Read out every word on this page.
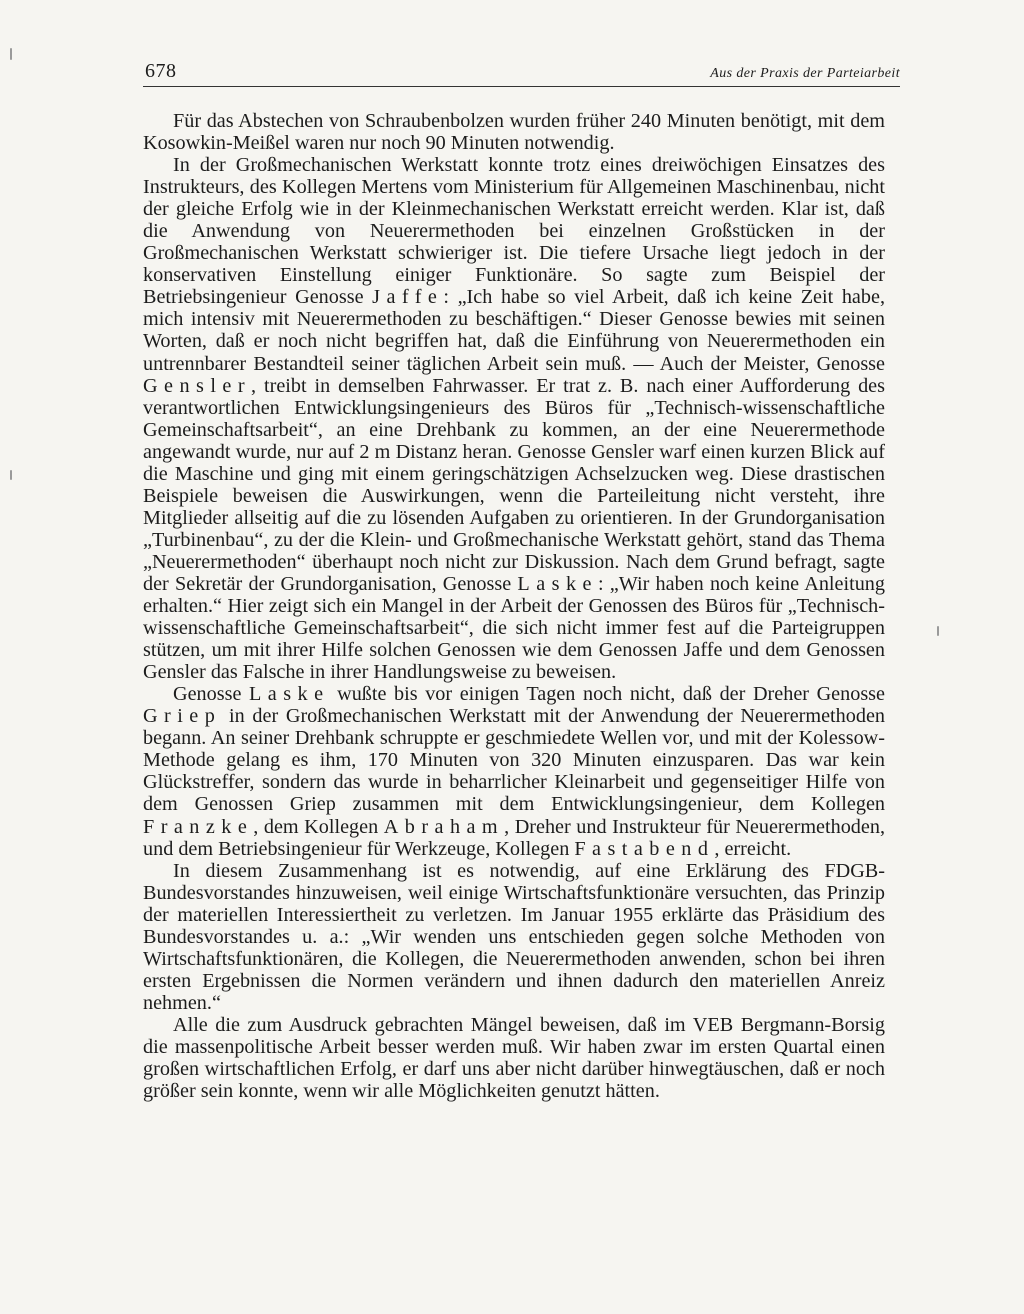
678	Aus der Praxis der Parteiarbeit

Für das Abstechen von Schraubenbolzen wurden früher 240 Minuten benötigt, mit dem Kosowkin-Meißel waren nur noch 90 Minuten notwendig.

In der Großmechanischen Werkstatt konnte trotz eines dreiwöchigen Einsatzes des Instrukteurs, des Kollegen Mertens vom Ministerium für Allgemeinen Maschinenbau, nicht der gleiche Erfolg wie in der Kleinmechanischen Werkstatt erreicht werden. Klar ist, daß die Anwendung von Neuerermethoden bei einzelnen Großstücken in der Großmechanischen Werkstatt schwieriger ist. Die tiefere Ursache liegt jedoch in der konservativen Einstellung einiger Funktionäre. So sagte zum Beispiel der Betriebsingenieur Genosse Jaffe: „Ich habe so viel Arbeit, daß ich keine Zeit habe, mich intensiv mit Neuerermethoden zu beschäftigen.“ Dieser Genosse bewies mit seinen Worten, daß er noch nicht begriffen hat, daß die Einführung von Neuerermethoden ein untrennbarer Bestandteil seiner täglichen Arbeit sein muß. — Auch der Meister, Genosse Gensler, treibt in demselben Fahrwasser. Er trat z. B. nach einer Aufforderung des verantwortlichen Entwicklungsingenieurs des Büros für „Technisch-wissenschaftliche Gemeinschaftsarbeit“, an eine Drehbank zu kommen, an der eine Neuerermethode angewandt wurde, nur auf 2 m Distanz heran. Genosse Gensler warf einen kurzen Blick auf die Maschine und ging mit einem geringschätzigen Achselzucken weg. Diese drastischen Beispiele beweisen die Auswirkungen, wenn die Parteileitung nicht versteht, ihre Mitglieder allseitig auf die zu lösenden Aufgaben zu orientieren. In der Grundorganisation „Turbinenbau“, zu der die Klein- und Großmechanische Werkstatt gehört, stand das Thema „Neuerermethoden“ überhaupt noch nicht zur Diskussion. Nach dem Grund befragt, sagte der Sekretär der Grundorganisation, Genosse Laske: „Wir haben noch keine Anleitung erhalten.“ Hier zeigt sich ein Mangel in der Arbeit der Genossen des Büros für „Technisch-wissenschaftliche Gemeinschaftsarbeit“, die sich nicht immer fest auf die Parteigruppen stützen, um mit ihrer Hilfe solchen Genossen wie dem Genossen Jaffe und dem Genossen Gensler das Falsche in ihrer Handlungsweise zu beweisen.

Genosse Laske wußte bis vor einigen Tagen noch nicht, daß der Dreher Genosse Griep in der Großmechanischen Werkstatt mit der Anwendung der Neuerermethoden begann. An seiner Drehbank schruppte er geschmiedete Wellen vor, und mit der Kolessow-Methode gelang es ihm, 170 Minuten von 320 Minuten einzusparen. Das war kein Glückstreffer, sondern das wurde in beharrlicher Kleinarbeit und gegenseitiger Hilfe von dem Genossen Griep zusammen mit dem Entwicklungsingenieur, dem Kollegen Franzke, dem Kollegen Abraham, Dreher und Instrukteur für Neuerermethoden, und dem Betriebsingenieur für Werkzeuge, Kollegen Fastabend, erreicht.

In diesem Zusammenhang ist es notwendig, auf eine Erklärung des FDGB-Bundesvorstandes hinzuweisen, weil einige Wirtschaftsfunktionäre versuchten, das Prinzip der materiellen Interessiertheit zu verletzen. Im Januar 1955 erklärte das Präsidium des Bundesvorstandes u. a.: „Wir wenden uns entschieden gegen solche Methoden von Wirtschaftsfunktionären, die Kollegen, die Neuerermethoden anwenden, schon bei ihren ersten Ergebnissen die Normen verändern und ihnen dadurch den materiellen Anreiz nehmen.“

Alle die zum Ausdruck gebrachten Mängel beweisen, daß im VEB Bergmann-Borsig die massenpolitische Arbeit besser werden muß. Wir haben zwar im ersten Quartal einen großen wirtschaftlichen Erfolg, er darf uns aber nicht darüber hinwegtäuschen, daß er noch größer sein konnte, wenn wir alle Möglichkeiten genutzt hätten.
